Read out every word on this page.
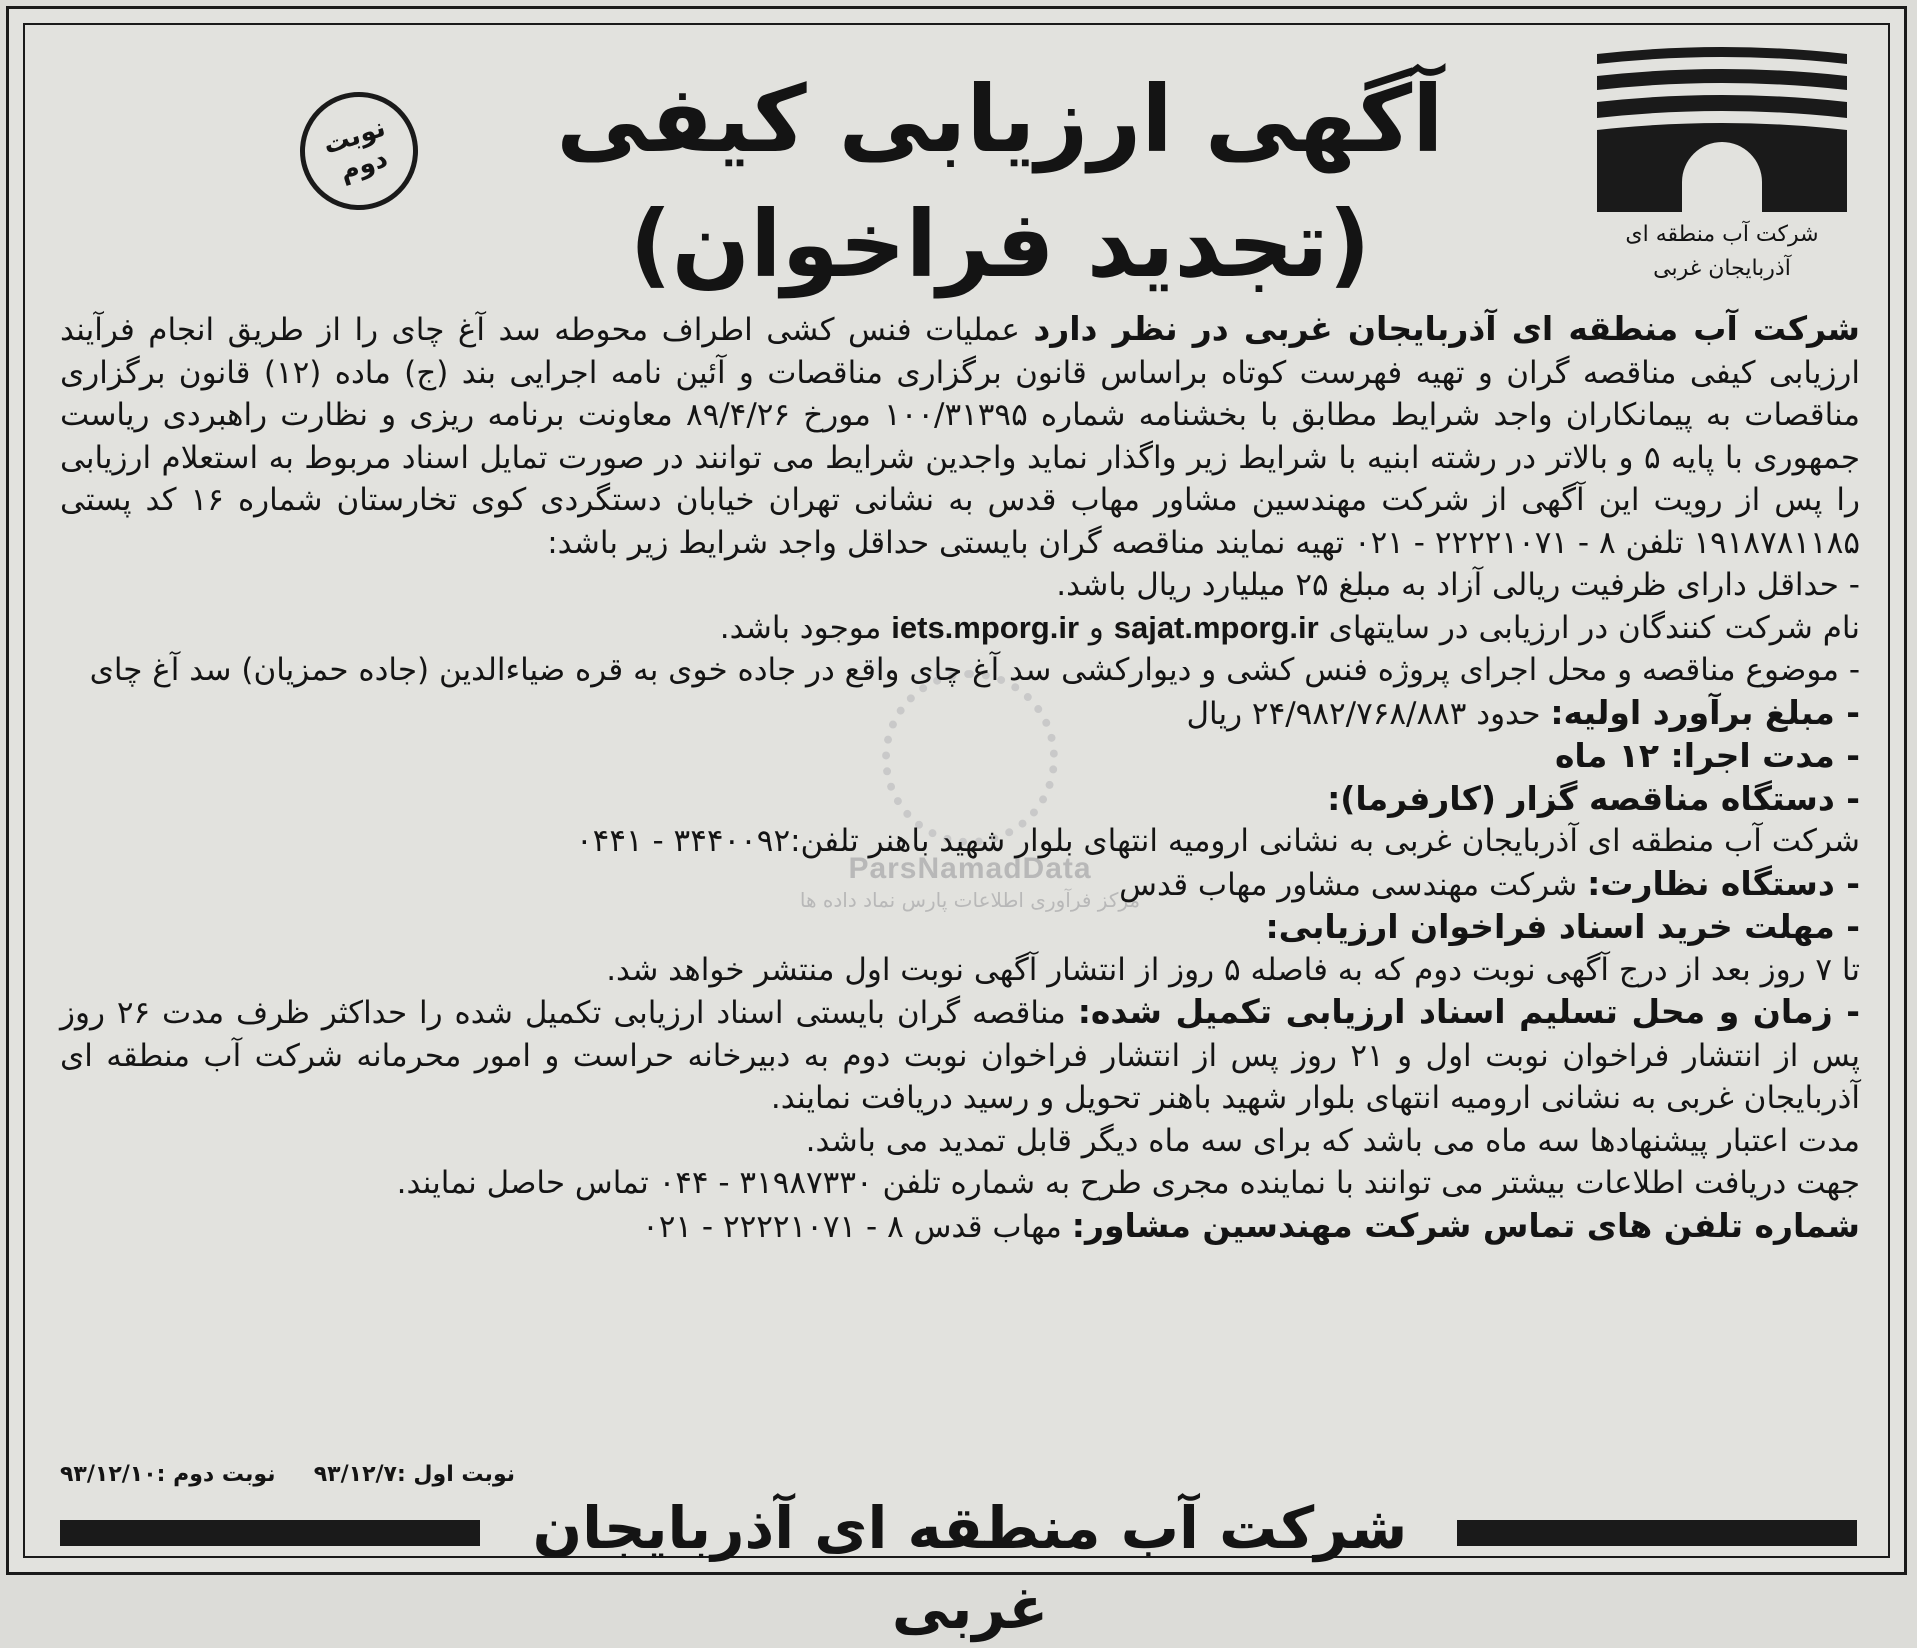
شرکت آب منطقه ای
آذربایجان غربی
نوبت دوم	آگهی ارزیابی کیفی
(تجدید فراخوان)
ParsNamadData
مرکز فرآوری اطلاعات پارس نماد داده ها

شرکت آب منطقه ای آذربایجان غربی در نظر دارد عملیات فنس کشی اطراف محوطه سد آغ چای را از طریق انجام فرآیند ارزیابی کیفی مناقصه گران و تهیه فهرست کوتاه براساس قانون برگزاری مناقصات و آئین نامه اجرایی بند (ج) ماده (۱۲) قانون برگزاری مناقصات به پیمانکاران واجد شرایط مطابق با بخشنامه شماره ۱۰۰/۳۱۳۹۵ مورخ ۸۹/۴/۲۶ معاونت برنامه ریزی و نظارت راهبردی ریاست جمهوری با پایه ۵ و بالاتر در رشته ابنیه با شرایط زیر واگذار نماید واجدین شرایط می توانند در صورت تمایل اسناد مربوط به استعلام ارزیابی را پس از رویت این آگهی از شرکت مهندسین مشاور مهاب قدس به نشانی تهران خیابان دستگردی کوی تخارستان شماره ۱۶ کد پستی ۱۹۱۸۷۸۱۱۸۵ تلفن ۸ - ۲۲۲۲۱۰۷۱ - ۰۲۱ تهیه نمایند مناقصه گران بایستی حداقل واجد شرایط زیر باشد:

- حداقل دارای ظرفیت ریالی آزاد به مبلغ ۲۵ میلیارد ریال باشد.

نام شرکت کنندگان در ارزیابی در سایتهای sajat.mporg.ir و iets.mporg.ir موجود باشد.

- موضوع مناقصه و محل اجرای پروژه فنس کشی و دیوارکشی سد آغ چای واقع در جاده خوی به قره ضیاءالدین (جاده حمزیان) سد آغ چای

- مبلغ برآورد اولیه: حدود ۲۴/۹۸۲/۷۶۸/۸۸۳ ریال

- مدت اجرا: ۱۲ ماه

- دستگاه مناقصه گزار (کارفرما):

شرکت آب منطقه ای آذربایجان غربی به نشانی ارومیه انتهای بلوار شهید باهنر تلفن:۳۴۴۰۰۹۲ - ۰۴۴۱

- دستگاه نظارت: شرکت مهندسی مشاور مهاب قدس

- مهلت خرید اسناد فراخوان ارزیابی:

تا ۷ روز بعد از درج آگهی نوبت دوم که به فاصله ۵ روز از انتشار آگهی نوبت اول منتشر خواهد شد.

- زمان و محل تسلیم اسناد ارزیابی تکمیل شده: مناقصه گران بایستی اسناد ارزیابی تکمیل شده را حداکثر ظرف مدت ۲۶ روز پس از انتشار فراخوان نوبت اول و ۲۱ روز پس از انتشار فراخوان نوبت دوم به دبیرخانه حراست و امور محرمانه شرکت آب منطقه ای آذربایجان غربی به نشانی ارومیه انتهای بلوار شهید باهنر تحویل و رسید دریافت نمایند.

مدت اعتبار پیشنهادها سه ماه می باشد که برای سه ماه دیگر قابل تمدید می باشد.

جهت دریافت اطلاعات بیشتر می توانند با نماینده مجری طرح به شماره تلفن ۳۱۹۸۷۳۳۰ - ۰۴۴ تماس حاصل نمایند.

شماره تلفن های تماس شرکت مهندسین مشاور: مهاب قدس ۸ - ۲۲۲۲۱۰۷۱ - ۰۲۱

نوبت اول :۹۳/۱۲/۷     نوبت دوم :۹۳/۱۲/۱۰
شرکت آب منطقه ای آذربایجان غربی
